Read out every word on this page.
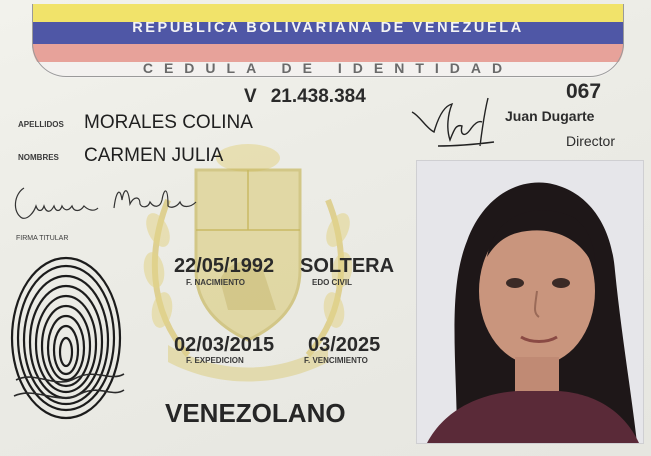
REPUBLICA BOLIVARIANA DE VENEZUELA
CEDULA DE IDENTIDAD
V 21.438.384	067
Juan Dugarte
Director
APELLIDOS MORALES COLINA
NOMBRES CARMEN JULIA
FIRMA TITULAR
22/05/1992
F. NACIMIENTO
SOLTERA
EDO CIVIL
02/03/2015
F. EXPEDICION
03/2025
F. VENCIMIENTO
VENEZOLANO
